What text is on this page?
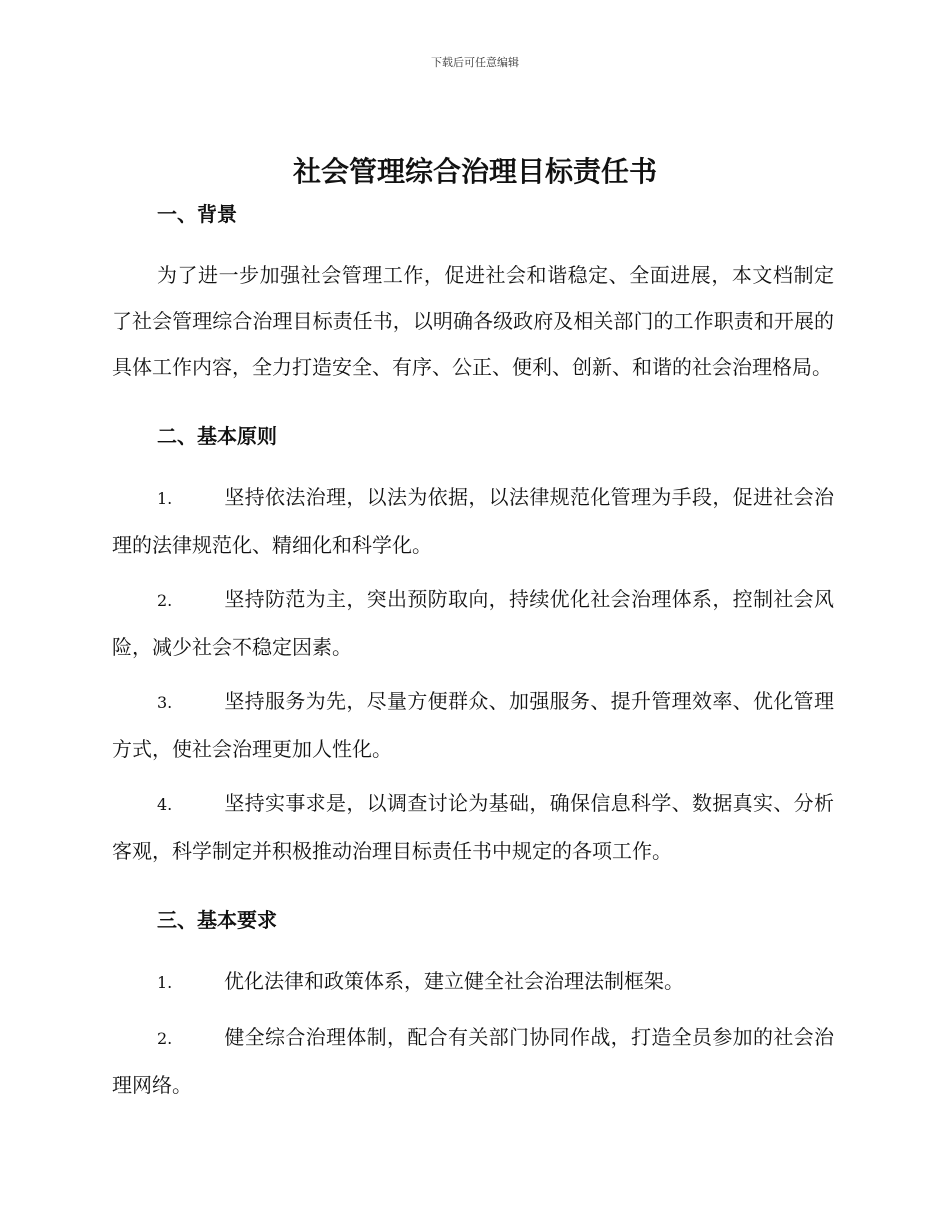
下载后可任意编辑
社会管理综合治理目标责任书
一、背景

为了进一步加强社会管理工作，促进社会和谐稳定、全面进展，本文档制定了社会管理综合治理目标责任书，以明确各级政府及相关部门的工作职责和开展的具体工作内容，全力打造安全、有序、公正、便利、创新、和谐的社会治理格局。

二、基本原则

1.	坚持依法治理，以法为依据，以法律规范化管理为手段，促进社会治理的法律规范化、精细化和科学化。

2.	坚持防范为主，突出预防取向，持续优化社会治理体系，控制社会风险，减少社会不稳定因素。

3.	坚持服务为先，尽量方便群众、加强服务、提升管理效率、优化管理方式，使社会治理更加人性化。

4.	坚持实事求是，以调查讨论为基础，确保信息科学、数据真实、分析客观，科学制定并积极推动治理目标责任书中规定的各项工作。

三、基本要求

1.	优化法律和政策体系，建立健全社会治理法制框架。

2.	健全综合治理体制，配合有关部门协同作战，打造全员参加的社会治理网络。
